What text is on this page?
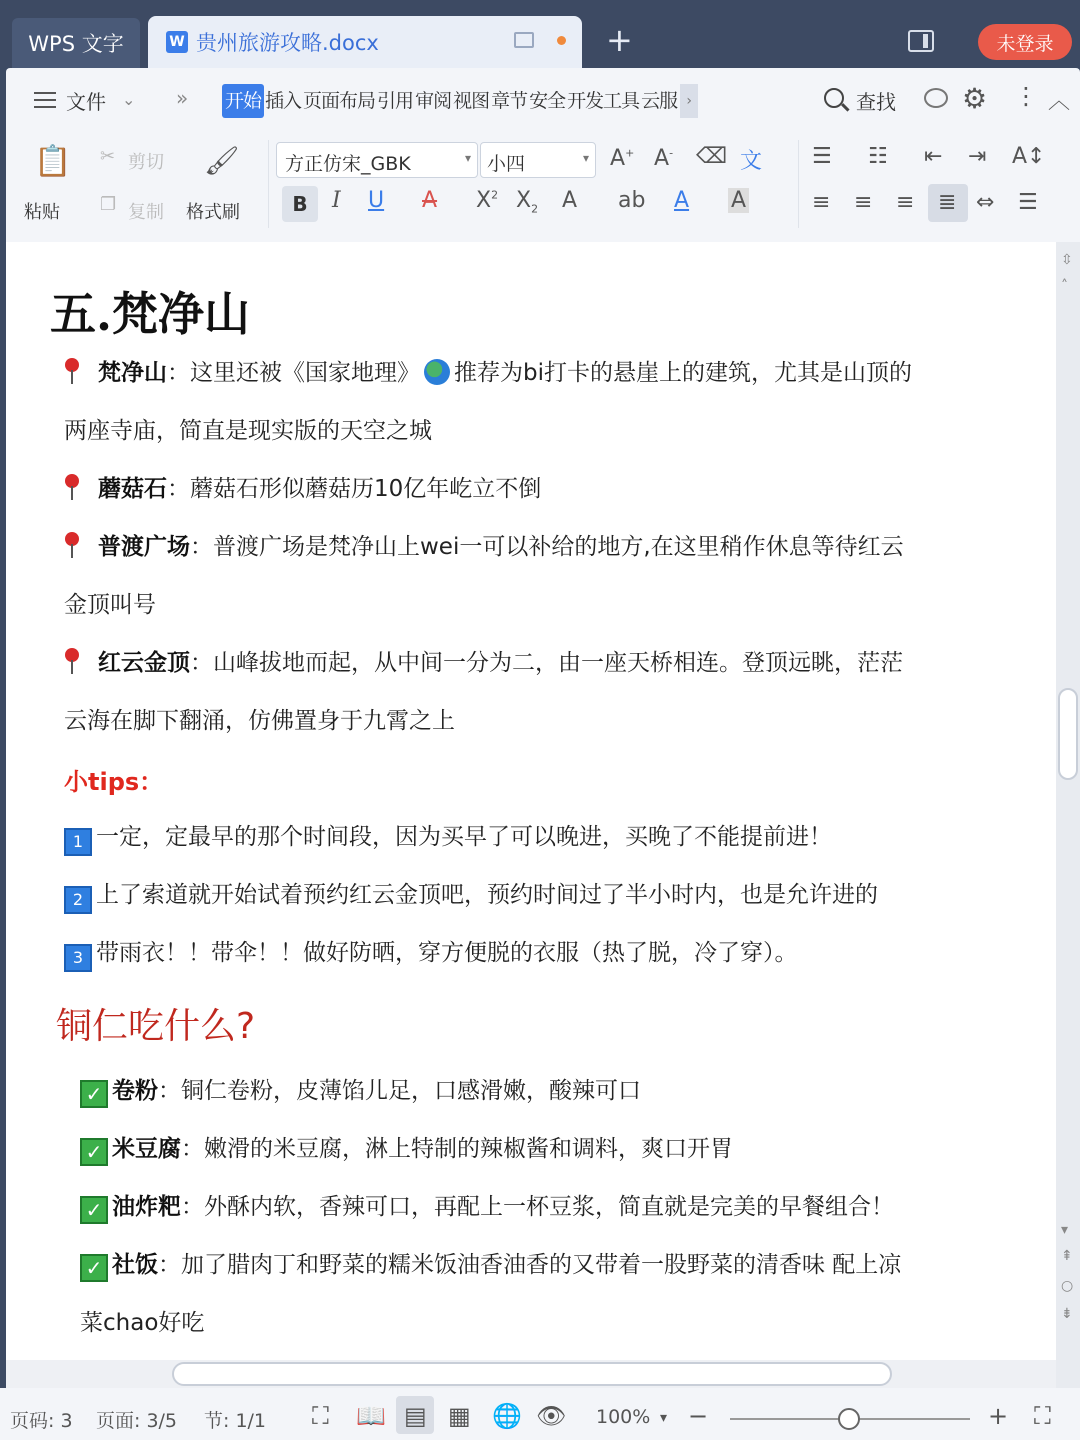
WPS 文字	W 贵州旅游攻略.docx	+	未登录
文件 ⌄ » 开始 插入 页面布局 引用 审阅 视图 章节 安全 开发工具 云服 ›	查找 ⚙ ⋮ ︿
📋
粘贴
✂ 剪切
❐ 复制
🖌
格式刷
方正仿宋_GBK	▾ 小四	▾ A+ A- ⌫ 文
B	I U A $X^2$ $X_2$ A ab A A
☰ ☷ ⇤ ⇥ A↕
≡ ≡ ≡ ≣ ⇔ ☰
五.梵净山
梵净山：这里还被《国家地理》 推荐为bi打卡的悬崖上的建筑，尤其是山顶的
两座寺庙，简直是现实版的天空之城
蘑菇石：蘑菇石形似蘑菇历10亿年屹立不倒
普渡广场：普渡广场是梵净山上wei一可以补给的地方,在这里稍作休息等待红云
金顶叫号
红云金顶：山峰拔地而起，从中间一分为二，由一座天桥相连。登顶远眺，茫茫
云海在脚下翻涌，仿佛置身于九霄之上
小tips：
1 一定，定最早的那个时间段，因为买早了可以晚进，买晚了不能提前进！
2 上了索道就开始试着预约红云金顶吧，预约时间过了半小时内，也是允许进的
3 带雨衣！！带伞！！做好防晒，穿方便脱的衣服（热了脱，冷了穿）。
铜仁吃什么?
✓ 卷粉：铜仁卷粉，皮薄馅儿足，口感滑嫩，酸辣可口
✓ 米豆腐：嫩滑的米豆腐，淋上特制的辣椒酱和调料，爽口开胃
✓ 油炸粑：外酥内软，香辣可口，再配上一杯豆浆，简直就是完美的早餐组合！
✓ 社饭：加了腊肉丁和野菜的糯米饭油香油香的又带着一股野菜的清香味 配上凉
菜chao好吃
⇳
˄
▾
⇞
○
⇟
页码: 3 页面: 3/5 节: 1/1 ⛶ 📖 ▤ ▦ 🌐 👁 100% ▾ −	+ ⛶
